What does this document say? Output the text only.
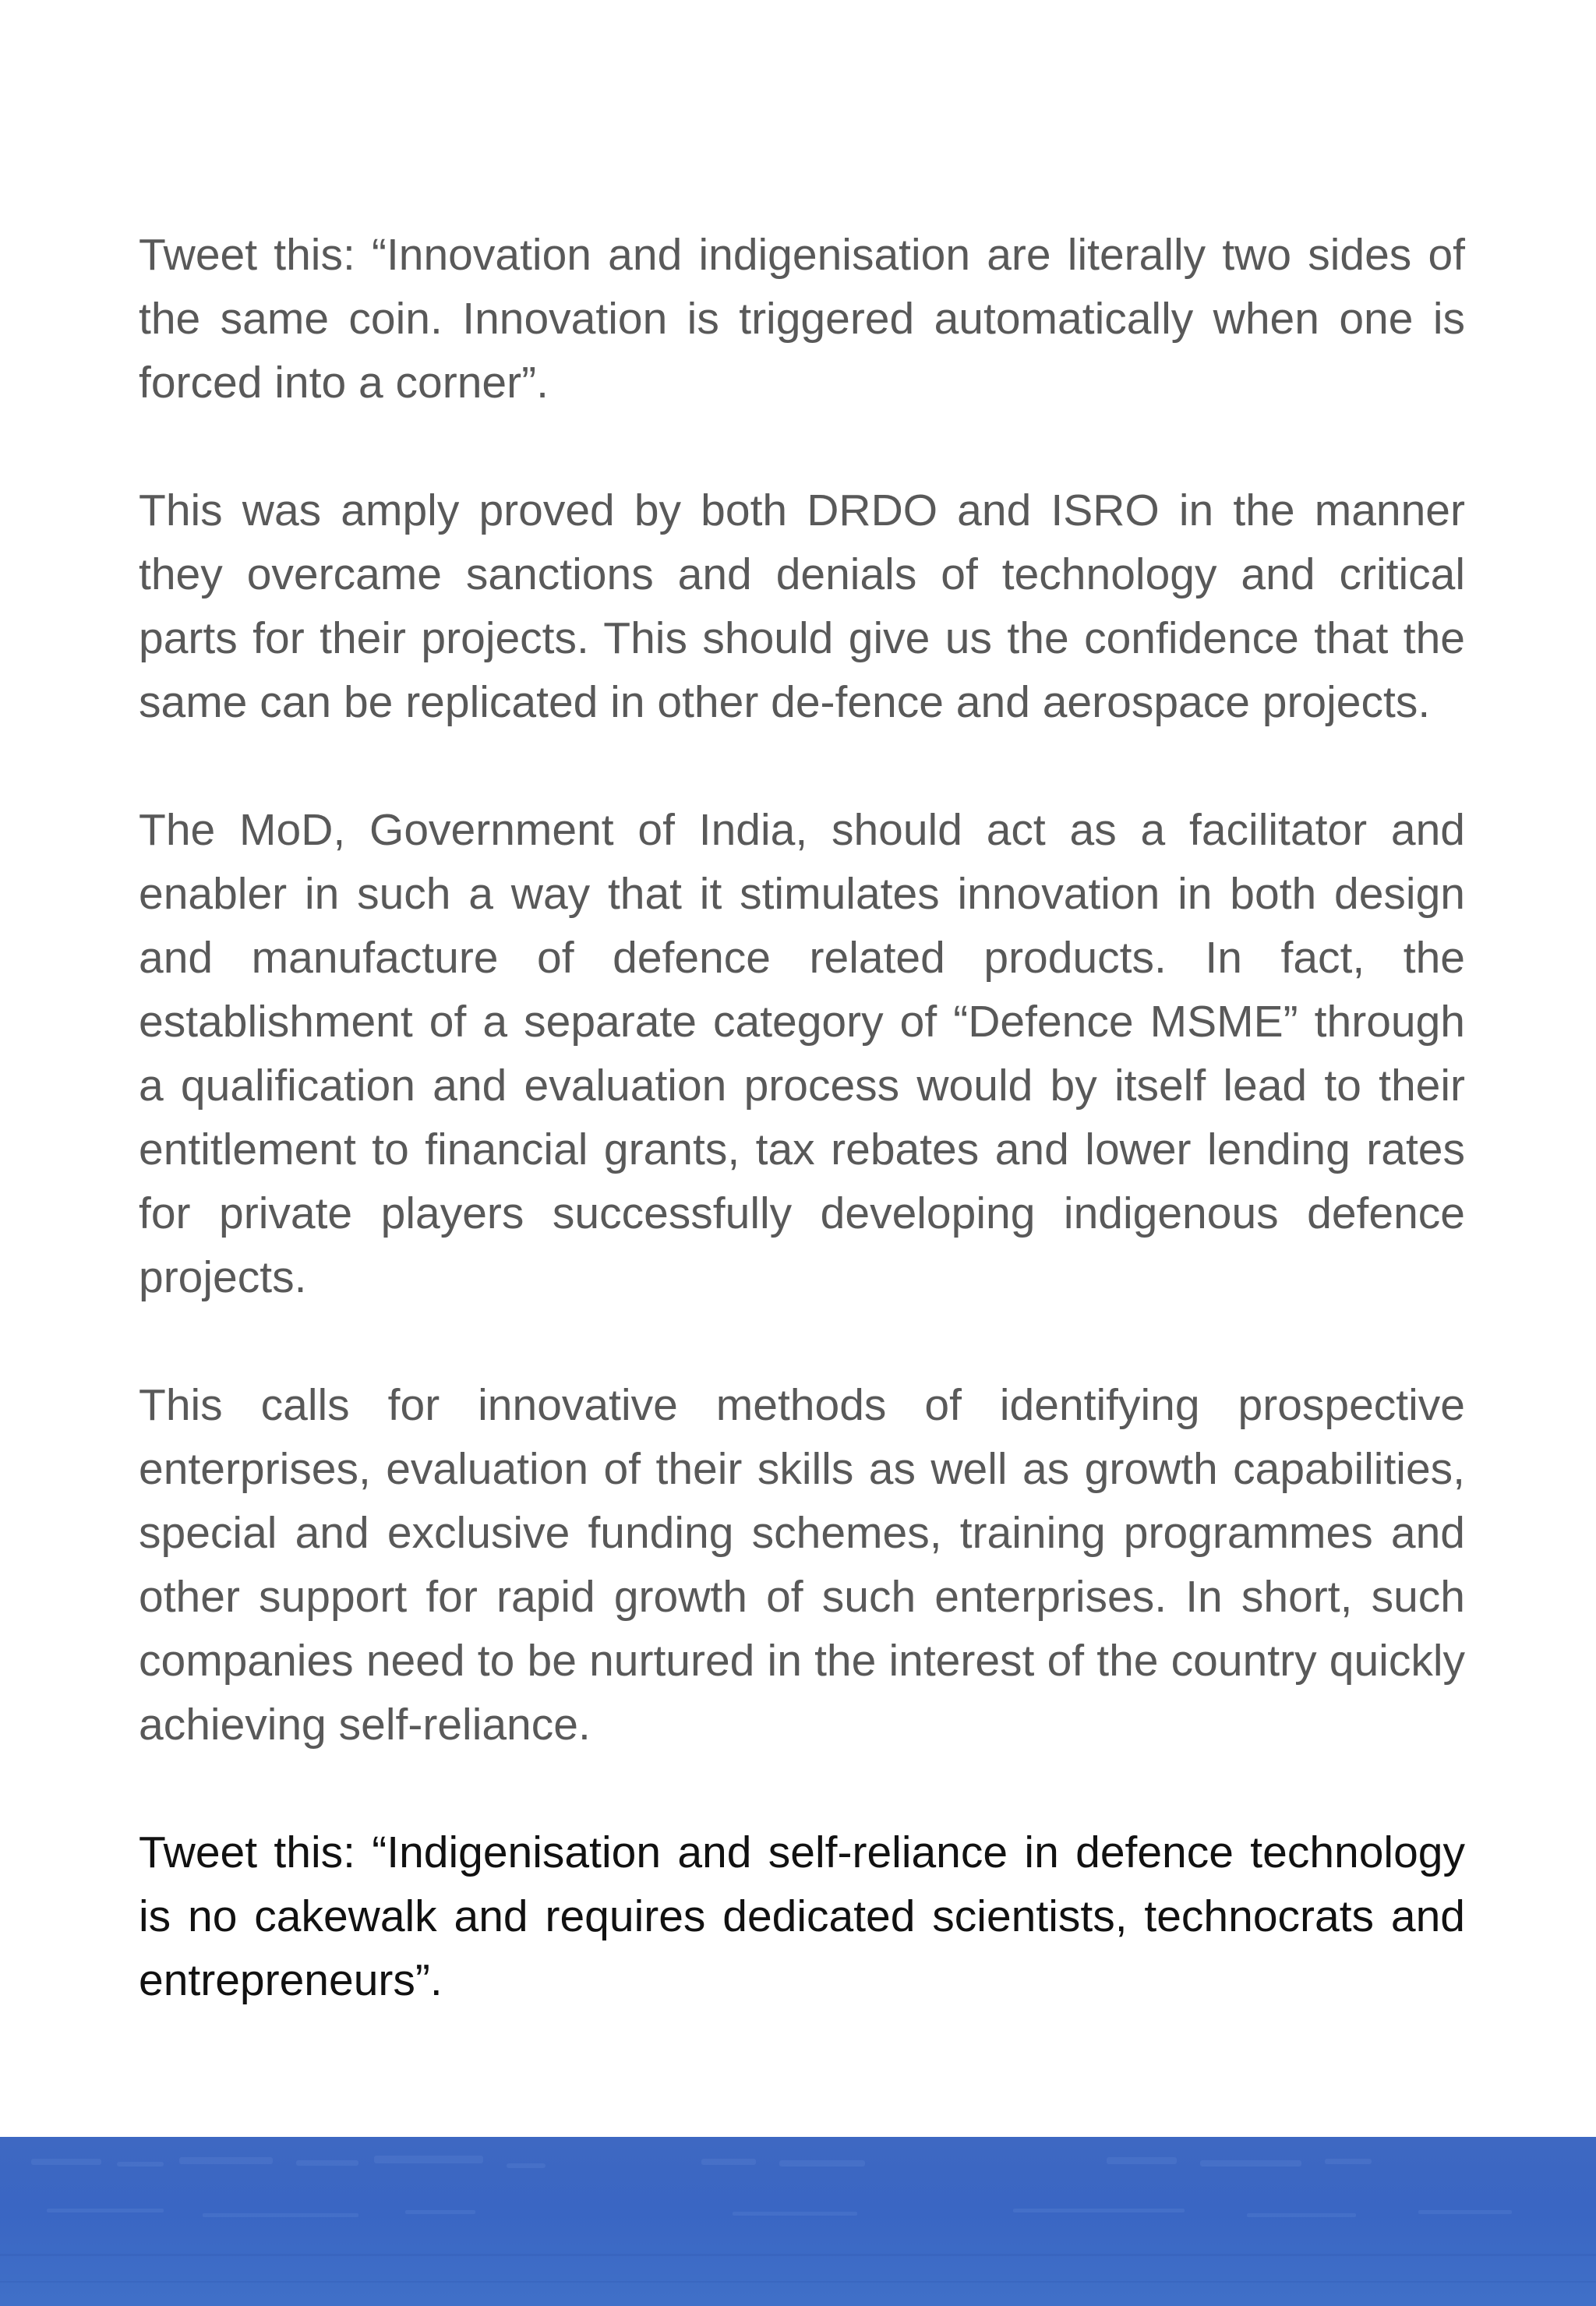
Tweet this: “Innovation and indigenisation are literally two sides of the same coin. Innovation is triggered automatically when one is forced into a corner”.

This was amply proved by both DRDO and ISRO in the manner they overcame sanctions and denials of technology and critical parts for their projects. This should give us the confidence that the same can be replicated in other de-fence and aerospace projects.

The MoD, Government of India, should act as a facilitator and enabler in such a way that it stimulates innovation in both design and manufacture of defence related products. In fact, the establishment of a separate category of “Defence MSME” through a qualification and evaluation process would by itself lead to their entitlement to financial grants, tax rebates and lower lending rates for private players successfully developing indigenous defence projects.

This calls for innovative methods of identifying prospective enterprises, evaluation of their skills as well as growth capabilities, special and exclusive funding schemes, training programmes and other support for rapid growth of such enterprises. In short, such companies need to be nurtured in the interest of the country quickly achieving self-reliance.

Tweet this: “Indigenisation and self-reliance in defence technology is no cakewalk and requires dedicated scientists, technocrats and entrepreneurs”.
